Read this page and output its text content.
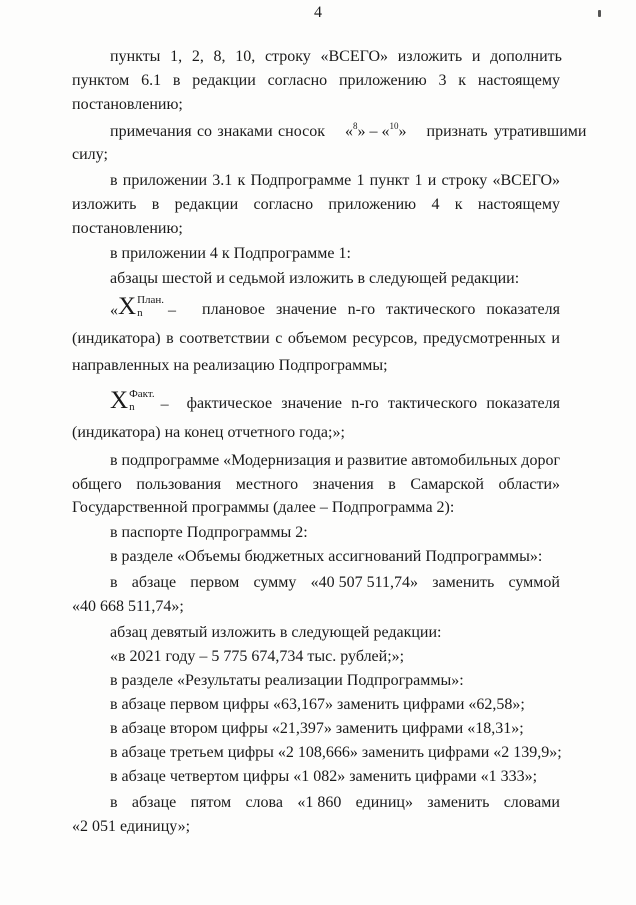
4
пункты 1, 2, 8, 10, строку «ВСЕГО» изложить и дополнить
пунктом 6.1 в редакции согласно приложению 3 к настоящему
постановлению;
примечания со знаками сносок «$^8$» – «$^{10}$» признать утратившими
силу;
в приложении 3.1 к Подпрограмме 1 пункт 1 и строку «ВСЕГО»
изложить в редакции согласно приложению 4 к настоящему
постановлению;
в приложении 4 к Подпрограмме 1:
абзацы шестой и седьмой изложить в следующей редакции:
« X План.
n	– плановое значение n-го тактического показателя
(индикатора) в соответствии с объемом ресурсов, предусмотренных и
направленных на реализацию Подпрограммы;
X Факт.
n	– фактическое значение n-го тактического показателя
(индикатора) на конец отчетного года;»;
в подпрограмме «Модернизация и развитие автомобильных дорог
общего пользования местного значения в Самарской области»
Государственной программы (далее – Подпрограмма 2):
в паспорте Подпрограммы 2:
в разделе «Объемы бюджетных ассигнований Подпрограммы»:
в абзаце первом сумму «40 507 511,74» заменить суммой
«40 668 511,74»;
абзац девятый изложить в следующей редакции:
«в 2021 году – 5 775 674,734 тыс. рублей;»;
в разделе «Результаты реализации Подпрограммы»:
в абзаце первом цифры «63,167» заменить цифрами «62,58»;
в абзаце втором цифры «21,397» заменить цифрами «18,31»;
в абзаце третьем цифры «2 108,666» заменить цифрами «2 139,9»;
в абзаце четвертом цифры «1 082» заменить цифрами «1 333»;
в абзаце пятом слова «1 860 единиц» заменить словами
«2 051 единицу»;
